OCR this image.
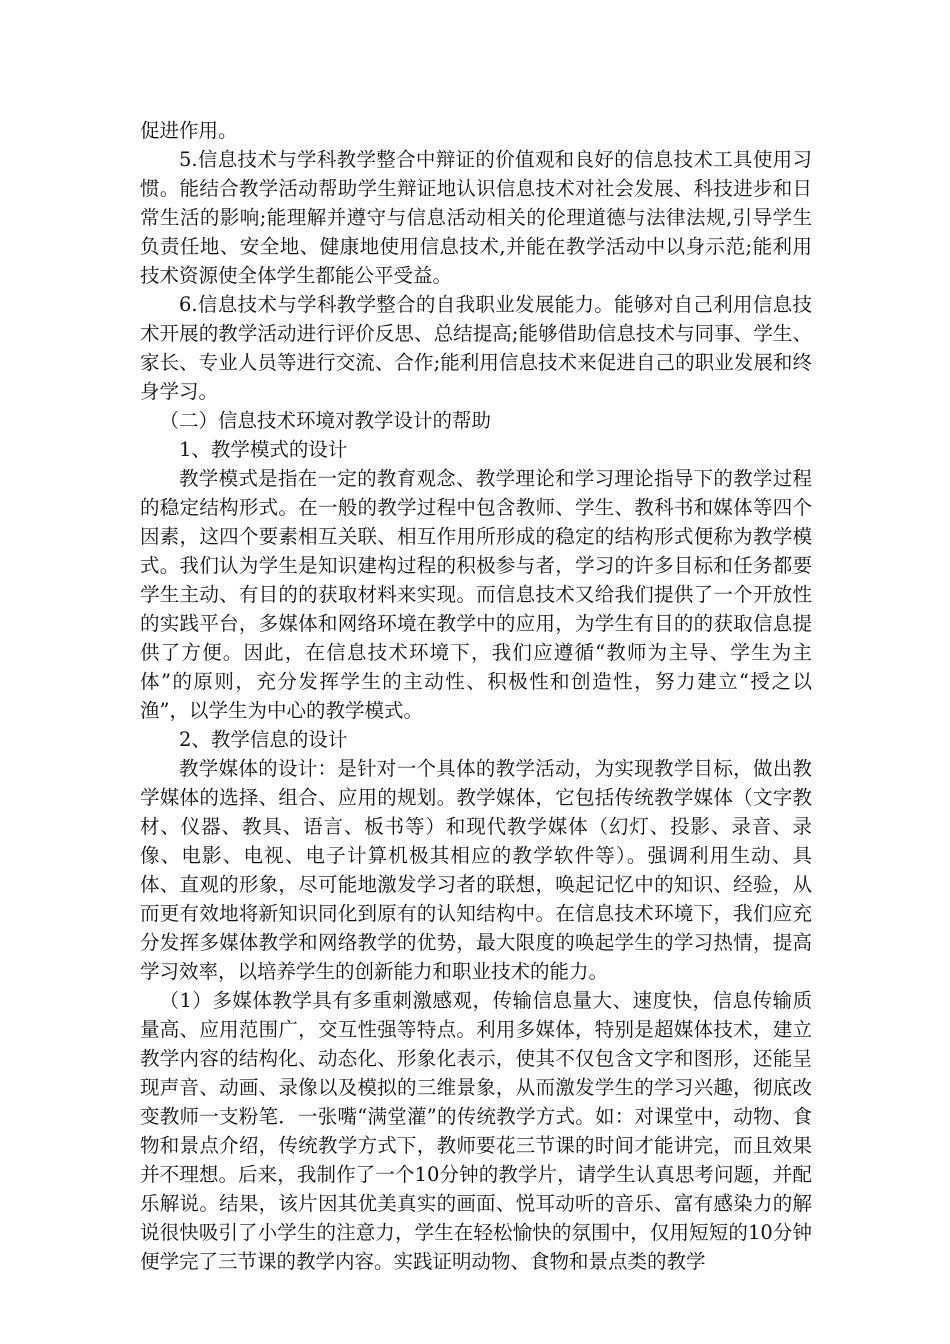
促进作用。

5.信息技术与学科教学整合中辩证的价值观和良好的信息技术工具使用习惯。能结合教学活动帮助学生辩证地认识信息技术对社会发展、科技进步和日常生活的影响;能理解并遵守与信息活动相关的伦理道德与法律法规,引导学生负责任地、安全地、健康地使用信息技术,并能在教学活动中以身示范;能利用技术资源使全体学生都能公平受益。

6.信息技术与学科教学整合的自我职业发展能力。能够对自己利用信息技术开展的教学活动进行评价反思、总结提高;能够借助信息技术与同事、学生、家长、专业人员等进行交流、合作;能利用信息技术来促进自己的职业发展和终身学习。

（二）信息技术环境对教学设计的帮助

1、教学模式的设计

教学模式是指在一定的教育观念、教学理论和学习理论指导下的教学过程的稳定结构形式。在一般的教学过程中包含教师、学生、教科书和媒体等四个因素，这四个要素相互关联、相互作用所形成的稳定的结构形式便称为教学模式。我们认为学生是知识建构过程的积极参与者，学习的许多目标和任务都要学生主动、有目的的获取材料来实现。而信息技术又给我们提供了一个开放性的实践平台，多媒体和网络环境在教学中的应用，为学生有目的的获取信息提供了方便。因此，在信息技术环境下，我们应遵循“教师为主导、学生为主体”的原则，充分发挥学生的主动性、积极性和创造性，努力建立“授之以渔”，以学生为中心的教学模式。

2、教学信息的设计

教学媒体的设计：是针对一个具体的教学活动，为实现教学目标，做出教学媒体的选择、组合、应用的规划。教学媒体，它包括传统教学媒体（文字教材、仪器、教具、语言、板书等）和现代教学媒体（幻灯、投影、录音、录像、电影、电视、电子计算机极其相应的教学软件等）。强调利用生动、具体、直观的形象，尽可能地激发学习者的联想，唤起记忆中的知识、经验，从而更有效地将新知识同化到原有的认知结构中。在信息技术环境下，我们应充分发挥多媒体教学和网络教学的优势，最大限度的唤起学生的学习热情，提高学习效率，以培养学生的创新能力和职业技术的能力。

（1）多媒体教学具有多重刺激感观，传输信息量大、速度快，信息传输质量高、应用范围广，交互性强等特点。利用多媒体，特别是超媒体技术，建立教学内容的结构化、动态化、形象化表示，使其不仅包含文字和图形，还能呈现声音、动画、录像以及模拟的三维景象，从而激发学生的学习兴趣，彻底改变教师一支粉笔．一张嘴“满堂灌”的传统教学方式。如：对课堂中，动物、食物和景点介绍，传统教学方式下，教师要花三节课的时间才能讲完，而且效果并不理想。后来，我制作了一个10分钟的教学片，请学生认真思考问题，并配乐解说。结果，该片因其优美真实的画面、悦耳动听的音乐、富有感染力的解说很快吸引了小学生的注意力，学生在轻松愉快的氛围中，仅用短短的10分钟便学完了三节课的教学内容。实践证明动物、食物和景点类的教学
